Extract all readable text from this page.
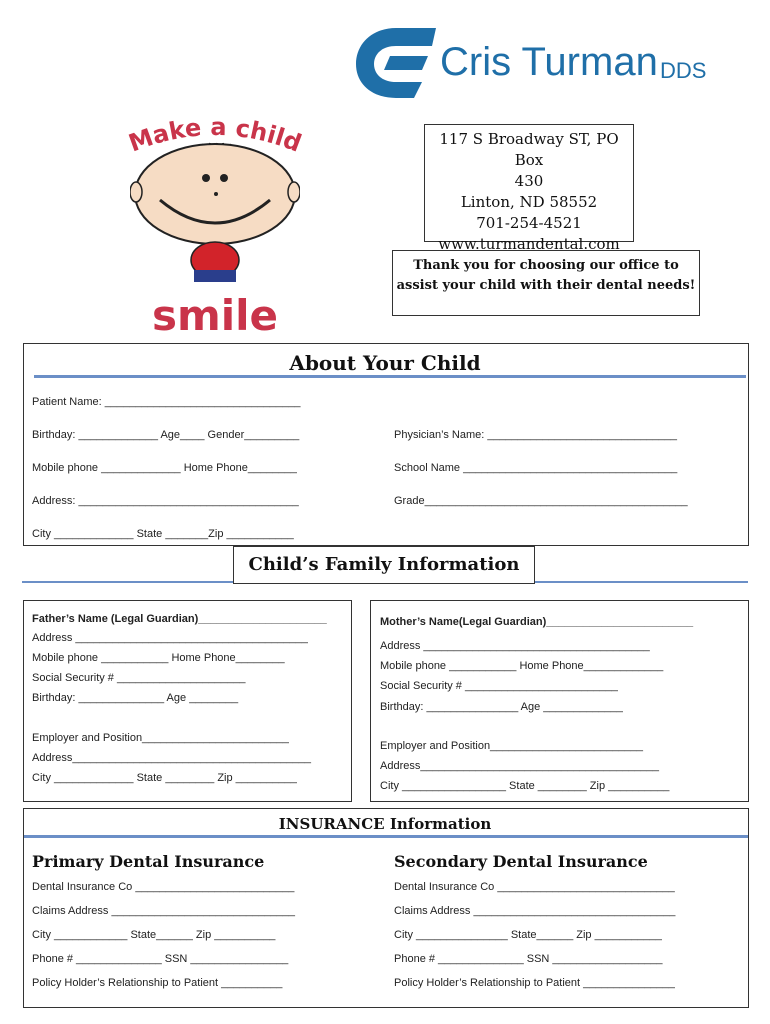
Cris Turman DDS
Make a child
smile
117 S Broadway ST, PO Box
430
Linton, ND 58552
701-254-4521
www.turmandental.com
Thank you for choosing our office to
assist your child with their dental needs!
About Your Child
Patient Name: ________________________________
Birthday: _____________ Age____ Gender_________	Physician’s Name: _______________________________
Mobile phone _____________ Home Phone________	School Name ___________________________________
Address: ____________________________________	Grade___________________________________________
City _____________ State _______Zip ___________
Child’s Family Information
Father’s Name (Legal Guardian)_____________________
Address ______________________________________
Mobile phone ___________ Home Phone________
Social Security # _____________________
Birthday: ______________ Age ________
Employer and Position________________________
Address_______________________________________
City _____________ State ________ Zip __________
Mother’s Name(Legal Guardian)________________________
Address _____________________________________
Mobile phone ___________ Home Phone_____________
Social Security # _________________________
Birthday: _______________ Age _____________
Employer and Position_________________________
Address_______________________________________
City _________________ State ________ Zip __________
INSURANCE Information
Primary Dental Insurance
Dental Insurance Co __________________________
Claims Address ______________________________
City ____________ State______ Zip __________
Phone # ______________ SSN ________________
Policy Holder’s Relationship to Patient __________
Secondary Dental Insurance
Dental Insurance Co _____________________________
Claims Address _________________________________
City _______________ State______ Zip ___________
Phone # ______________ SSN __________________
Policy Holder’s Relationship to Patient _______________
